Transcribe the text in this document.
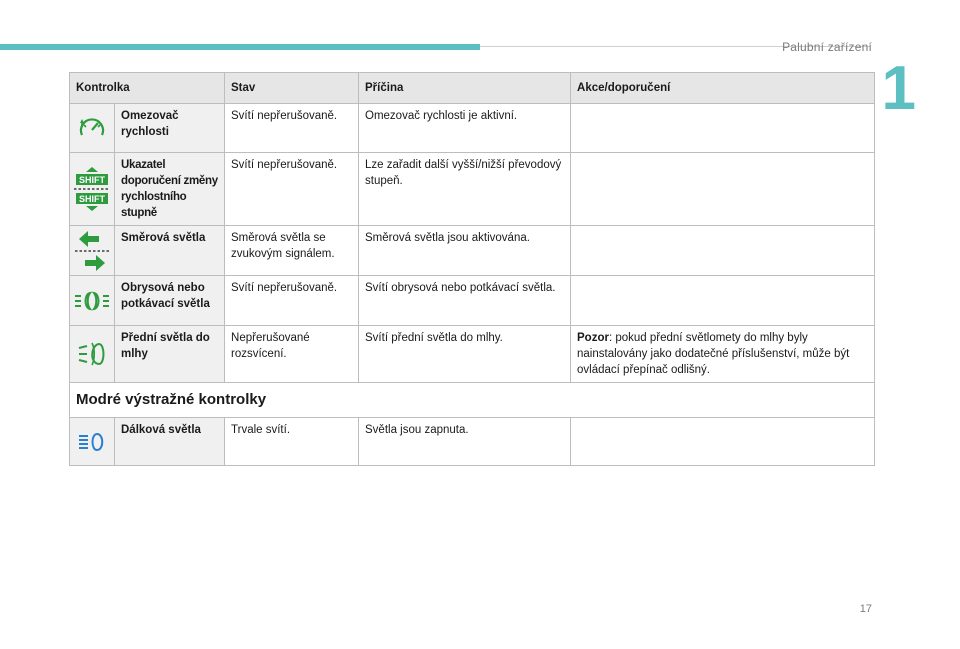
Palubní zařízení
1
Kontrolka		Stav	Příčina	Akce/doporučení
	Omezovač rychlosti	Svítí nepřerušovaně.	Omezovač rychlosti je aktivní.	

SHIFT
SHIFT	Ukazatel doporučení změny rychlostního stupně	Svítí nepřerušovaně.	Lze zařadit další vyšší/nižší převodový stupeň.	
	Směrová světla	Směrová světla se zvukovým signálem.	Směrová světla jsou aktivována.	
	Obrysová nebo potkávací světla	Svítí nepřerušovaně.	Svítí obrysová nebo potkávací světla.	
	Přední světla do mlhy	Nepřerušované rozsvícení.	Svítí přední světla do mlhy.	Pozor: pokud přední světlomety do mlhy byly nainstalovány jako dodatečné příslušenství, může být ovládací přepínač odlišný.
Modré výstražné kontrolky				
	Dálková světla	Trvale svítí.	Světla jsou zapnuta.	
17
